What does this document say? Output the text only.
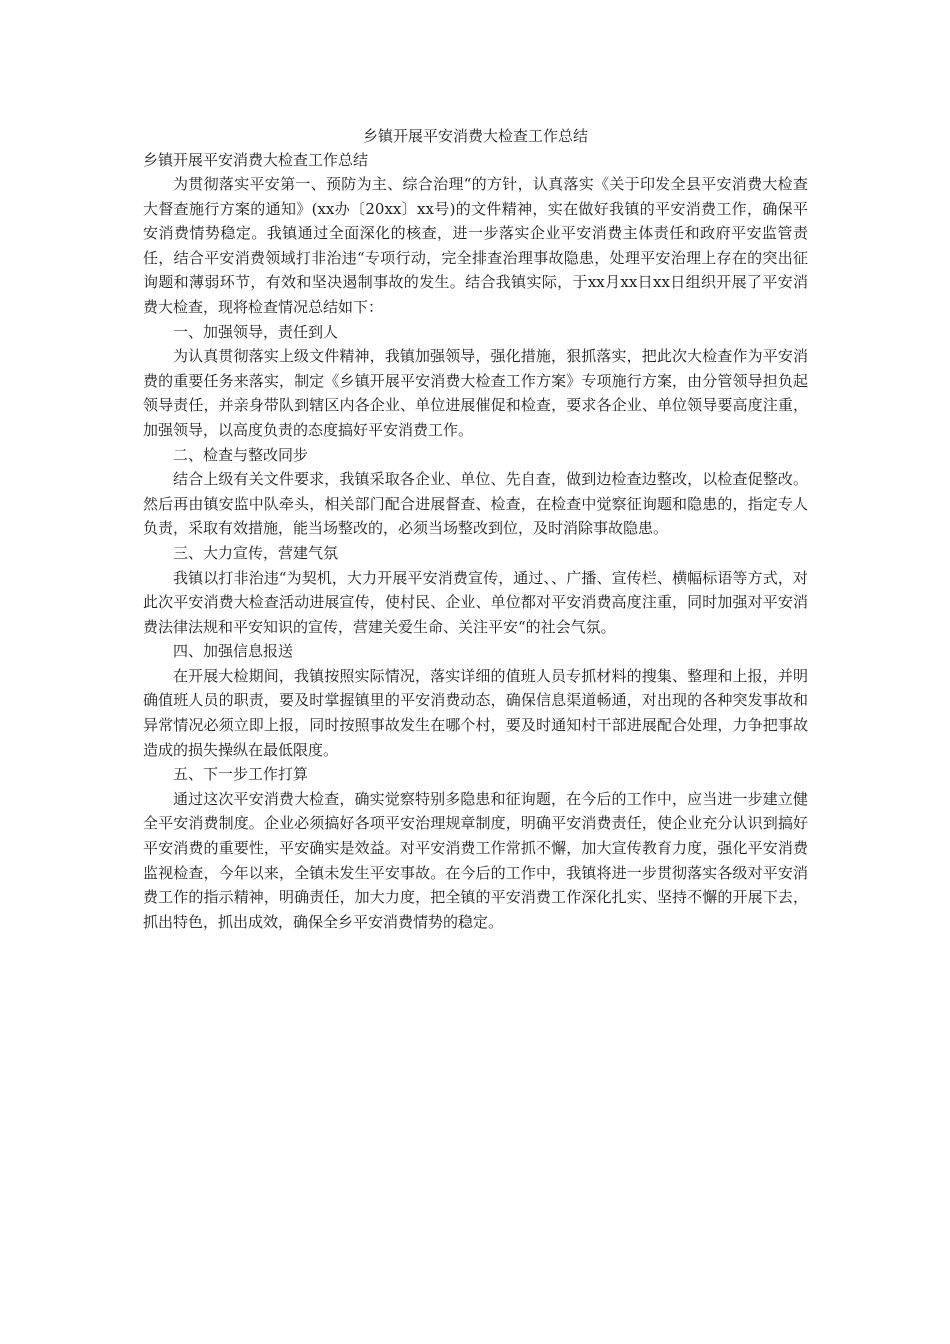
乡镇开展平安消费大检查工作总结

乡镇开展平安消费大检查工作总结

为贯彻落实平安第一、预防为主、综合治理“的方针，认真落实《关于印发全县平安消费大检查大督查施行方案的通知》(xx办〔20xx〕xx号)的文件精神，实在做好我镇的平安消费工作，确保平安消费情势稳定。我镇通过全面深化的核查，进一步落实企业平安消费主体责任和政府平安监管责任，结合平安消费领域打非治违“专项行动，完全排查治理事故隐患，处理平安治理上存在的突出征询题和薄弱环节，有效和坚决遏制事故的发生。结合我镇实际，于xx月xx日xx日组织开展了平安消费大检查，现将检查情况总结如下：

一、加强领导，责任到人

为认真贯彻落实上级文件精神，我镇加强领导，强化措施，狠抓落实，把此次大检查作为平安消费的重要任务来落实，制定《乡镇开展平安消费大检查工作方案》专项施行方案，由分管领导担负起领导责任，并亲身带队到辖区内各企业、单位进展催促和检查，要求各企业、单位领导要高度注重，加强领导，以高度负责的态度搞好平安消费工作。

二、检查与整改同步

结合上级有关文件要求，我镇采取各企业、单位、先自查，做到边检查边整改，以检查促整改。然后再由镇安监中队牵头，相关部门配合进展督查、检查，在检查中觉察征询题和隐患的，指定专人负责，采取有效措施，能当场整改的，必须当场整改到位，及时消除事故隐患。

三、大力宣传，营建气氛

我镇以打非治违“为契机，大力开展平安消费宣传，通过、、广播、宣传栏、横幅标语等方式，对此次平安消费大检查活动进展宣传，使村民、企业、单位都对平安消费高度注重，同时加强对平安消费法律法规和平安知识的宣传，营建关爱生命、关注平安“的社会气氛。

四、加强信息报送

在开展大检期间，我镇按照实际情况，落实详细的值班人员专抓材料的搜集、整理和上报，并明确值班人员的职责，要及时掌握镇里的平安消费动态，确保信息渠道畅通，对出现的各种突发事故和异常情况必须立即上报，同时按照事故发生在哪个村，要及时通知村干部进展配合处理，力争把事故造成的损失操纵在最低限度。

五、下一步工作打算

通过这次平安消费大检查，确实觉察特别多隐患和征询题，在今后的工作中，应当进一步建立健全平安消费制度。企业必须搞好各项平安治理规章制度，明确平安消费责任，使企业充分认识到搞好平安消费的重要性，平安确实是效益。对平安消费工作常抓不懈，加大宣传教育力度，强化平安消费监视检查，今年以来，全镇未发生平安事故。在今后的工作中，我镇将进一步贯彻落实各级对平安消费工作的指示精神，明确责任，加大力度，把全镇的平安消费工作深化扎实、坚持不懈的开展下去，抓出特色，抓出成效，确保全乡平安消费情势的稳定。
